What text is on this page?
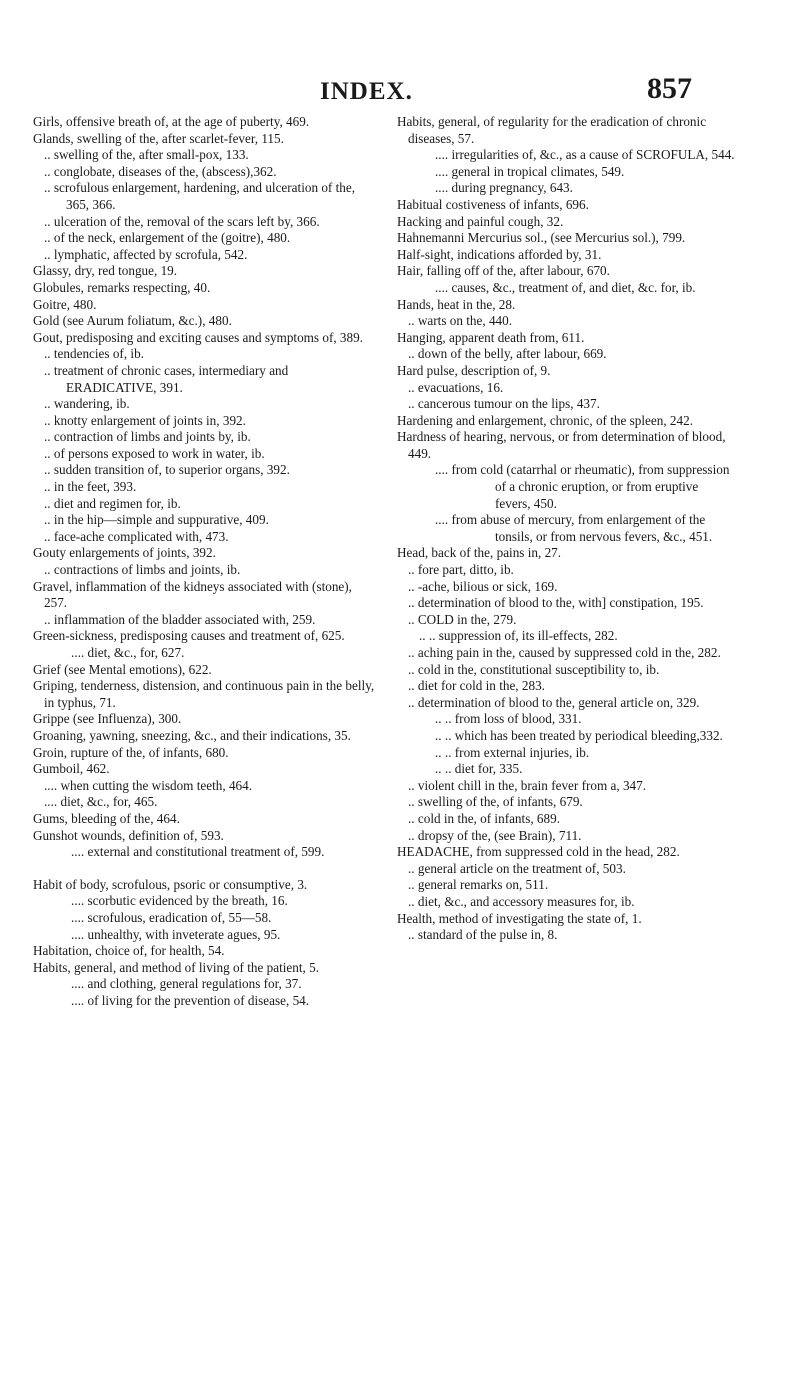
INDEX.	857

Girls, offensive breath of, at the age of puberty, 469.

Glands, swelling of the, after scarlet-fever, 115.

.. swelling of the, after small-pox, 133.

.. conglobate, diseases of the, (abscess),362.

.. scrofulous enlargement, hardening, and ulceration of the, 365, 366.

.. ulceration of the, removal of the scars left by, 366.

.. of the neck, enlargement of the (goitre), 480.

.. lymphatic, affected by scrofula, 542.

Glassy, dry, red tongue, 19.

Globules, remarks respecting, 40.

Goitre, 480.

Gold (see Aurum foliatum, &c.), 480.

Gout, predisposing and exciting causes and symptoms of, 389.

.. tendencies of, ib.

.. treatment of chronic cases, intermediary and ERADICATIVE, 391.

.. wandering, ib.

.. knotty enlargement of joints in, 392.

.. contraction of limbs and joints by, ib.

.. of persons exposed to work in water, ib.

.. sudden transition of, to superior organs, 392.

.. in the feet, 393.

.. diet and regimen for, ib.

.. in the hip—simple and suppurative, 409.

.. face-ache complicated with, 473.

Gouty enlargements of joints, 392.

.. contractions of limbs and joints, ib.

Gravel, inflammation of the kidneys associated with (stone), 257.

.. inflammation of the bladder associated with, 259.

Green-sickness, predisposing causes and treatment of, 625.

.... diet, &c., for, 627.

Grief (see Mental emotions), 622.

Griping, tenderness, distension, and continuous pain in the belly, in typhus, 71.

Grippe (see Influenza), 300.

Groaning, yawning, sneezing, &c., and their indications, 35.

Groin, rupture of the, of infants, 680.

Gumboil, 462.

.... when cutting the wisdom teeth, 464.

.... diet, &c., for, 465.

Gums, bleeding of the, 464.

Gunshot wounds, definition of, 593.

.... external and constitutional treatment of, 599.

Habit of body, scrofulous, psoric or consumptive, 3.

.... scorbutic evidenced by the breath, 16.

.... scrofulous, eradication of, 55—58.

.... unhealthy, with inveterate agues, 95.

Habitation, choice of, for health, 54.

Habits, general, and method of living of the patient, 5.

.... and clothing, general regulations for, 37.

.... of living for the prevention of disease, 54.

Habits, general, of regularity for the eradication of chronic diseases, 57.

.... irregularities of, &c., as a cause of SCROFULA, 544.

.... general in tropical climates, 549.

.... during pregnancy, 643.

Habitual costiveness of infants, 696.

Hacking and painful cough, 32.

Hahnemanni Mercurius sol., (see Mercurius sol.), 799.

Half-sight, indications afforded by, 31.

Hair, falling off of the, after labour, 670.

.... causes, &c., treatment of, and diet, &c. for, ib.

Hands, heat in the, 28.

.. warts on the, 440.

Hanging, apparent death from, 611.

.. down of the belly, after labour, 669.

Hard pulse, description of, 9.

.. evacuations, 16.

.. cancerous tumour on the lips, 437.

Hardening and enlargement, chronic, of the spleen, 242.

Hardness of hearing, nervous, or from determination of blood, 449.

.... from cold (catarrhal or rheumatic), from suppression of a chronic eruption, or from eruptive fevers, 450.

.... from abuse of mercury, from enlargement of the tonsils, or from nervous fevers, &c., 451.

Head, back of the, pains in, 27.

.. fore part, ditto, ib.

.. -ache, bilious or sick, 169.

.. determination of blood to the, with] constipation, 195.

.. COLD in the, 279.

.. .. suppression of, its ill-effects, 282.

.. aching pain in the, caused by suppressed cold in the, 282.

.. cold in the, constitutional susceptibility to, ib.

.. diet for cold in the, 283.

.. determination of blood to the, general article on, 329.

.. .. from loss of blood, 331.

.. .. which has been treated by periodical bleeding,332.

.. .. from external injuries, ib.

.. .. diet for, 335.

.. violent chill in the, brain fever from a, 347.

.. swelling of the, of infants, 679.

.. cold in the, of infants, 689.

.. dropsy of the, (see Brain), 711.

HEADACHE, from suppressed cold in the head, 282.

.. general article on the treatment of, 503.

.. general remarks on, 511.

.. diet, &c., and accessory measures for, ib.

Health, method of investigating the state of, 1.

.. standard of the pulse in, 8.
